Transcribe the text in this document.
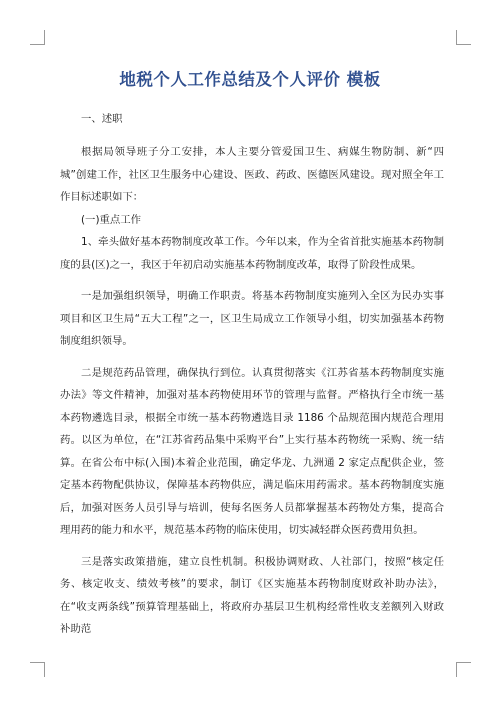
地税个人工作总结及个人评价 模板

一、述职

根据局领导班子分工安排，本人主要分管爱国卫生、病媒生物防制、新“四城”创建工作，社区卫生服务中心建设、医政、药政、医德医风建设。现对照全年工作目标述职如下：

(一)重点工作

1、牵头做好基本药物制度改革工作。今年以来，作为全省首批实施基本药物制度的县(区)之一，我区于年初启动实施基本药物制度改革，取得了阶段性成果。

一是加强组织领导，明确工作职责。将基本药物制度实施列入全区为民办实事项目和区卫生局“五大工程”之一，区卫生局成立工作领导小组，切实加强基本药物制度组织领导。

二是规范药品管理，确保执行到位。认真贯彻落实《江苏省基本药物制度实施办法》等文件精神，加强对基本药物使用环节的管理与监督。严格执行全市统一基本药物遴选目录，根据全市统一基本药物遴选目录 1186 个品规范围内规范合理用药。以区为单位，在“江苏省药品集中采购平台”上实行基本药物统一采购、统一结算。在省公布中标(入围)本着企业范围，确定华龙、九洲通 2 家定点配供企业，签定基本药物配供协议，保障基本药物供应，满足临床用药需求。基本药物制度实施后，加强对医务人员引导与培训，使每名医务人员都掌握基本药物处方集，提高合理用药的能力和水平，规范基本药物的临床使用，切实减轻群众医药费用负担。

三是落实政策措施，建立良性机制。积极协调财政、人社部门，按照“核定任务、核定收支、绩效考核”的要求，制订《区实施基本药物制度财政补助办法》，在“收支两条线”预算管理基础上，将政府办基层卫生机构经常性收支差额列入财政补助范
